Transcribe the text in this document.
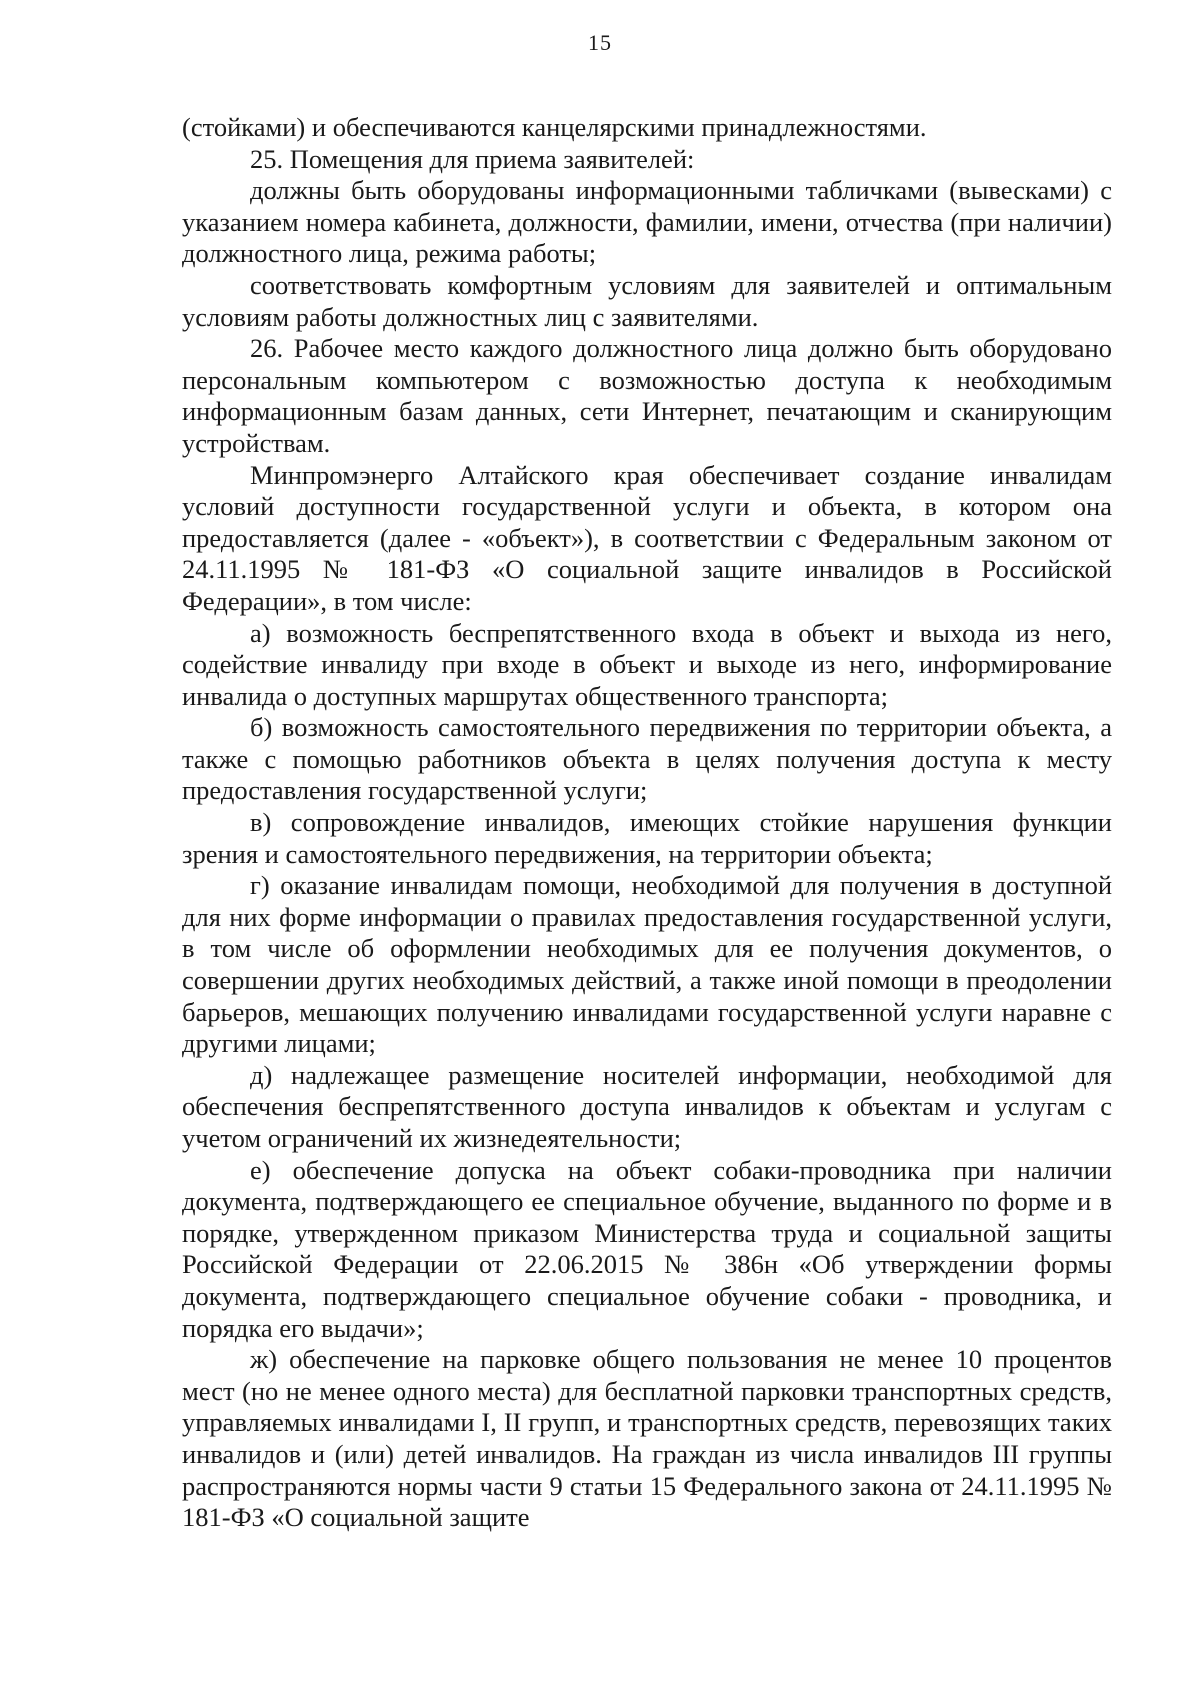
15

(стойками) и обеспечиваются канцелярскими принадлежностями.

25. Помещения для приема заявителей:

должны быть оборудованы информационными табличками (вывесками) с указанием номера кабинета, должности, фамилии, имени, отчества (при наличии) должностного лица, режима работы;

соответствовать комфортным условиям для заявителей и оптимальным условиям работы должностных лиц с заявителями.

26. Рабочее место каждого должностного лица должно быть оборудовано персональным компьютером с возможностью доступа к необходимым информационным базам данных, сети Интернет, печатающим и сканирующим устройствам.

Минпромэнерго Алтайского края обеспечивает создание инвалидам условий доступности государственной услуги и объекта, в котором она предоставляется (далее - «объект»), в соответствии с Федеральным законом от 24.11.1995 № 181-ФЗ «О социальной защите инвалидов в Российской Федерации», в том числе:

а) возможность беспрепятственного входа в объект и выхода из него, содействие инвалиду при входе в объект и выходе из него, информирование инвалида о доступных маршрутах общественного транспорта;

б) возможность самостоятельного передвижения по территории объекта, а также с помощью работников объекта в целях получения доступа к месту предоставления государственной услуги;

в) сопровождение инвалидов, имеющих стойкие нарушения функции зрения и самостоятельного передвижения, на территории объекта;

г) оказание инвалидам помощи, необходимой для получения в доступной для них форме информации о правилах предоставления государственной услуги, в том числе об оформлении необходимых для ее получения документов, о совершении других необходимых действий, а также иной помощи в преодолении барьеров, мешающих получению инвалидами государственной услуги наравне с другими лицами;

д) надлежащее размещение носителей информации, необходимой для обеспечения беспрепятственного доступа инвалидов к объектам и услугам с учетом ограничений их жизнедеятельности;

е) обеспечение допуска на объект собаки-проводника при наличии документа, подтверждающего ее специальное обучение, выданного по форме и в порядке, утвержденном приказом Министерства труда и социальной защиты Российской Федерации от 22.06.2015 № 386н «Об утверждении формы документа, подтверждающего специальное обучение собаки - проводника, и порядка его выдачи»;

ж) обеспечение на парковке общего пользования не менее 10 процентов мест (но не менее одного места) для бесплатной парковки транспортных средств, управляемых инвалидами I, II групп, и транспортных средств, перевозящих таких инвалидов и (или) детей инвалидов. На граждан из числа инвалидов III группы распространяются нормы части 9 статьи 15 Федерального закона от 24.11.1995 № 181-ФЗ «О социальной защите
